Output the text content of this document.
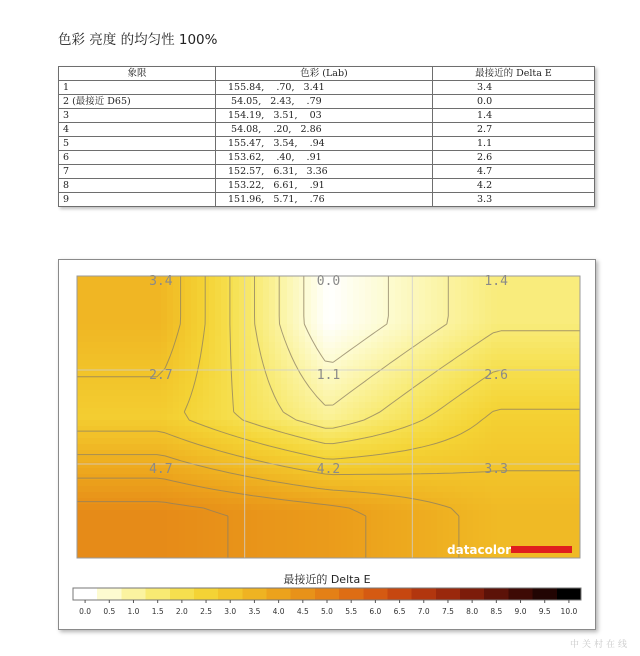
色彩 亮度 的均匀性 100%
象限	色彩 (Lab)	最接近的 Delta E
1	155.84,    .70,   3.41	3.4
2 (最接近 D65)	54.05,   2.43,    .79	0.0
3	154.19,   3.51,    03	1.4
4	54.08,    .20,   2.86	2.7
5	155.47,   3.54,    .94	1.1
6	153.62,    .40,    .91	2.6
7	152.57,   6.31,   3.36	4.7
8	153.22,   6.61,    .91	4.2
9	151.96,   5.71,    .76	3.3
3.4	0.0	1.4
2.7	1.1	2.6
4.7	4.2	3.3
datacolor
最接近的 Delta E
0.0 0.5 1.0 1.5 2.0 2.5 3.0 3.5 4.0 4.5 5.0 5.5 6.0 6.5 7.0 7.5 8.0 8.5 9.0 9.5 10.0
中关村在线
